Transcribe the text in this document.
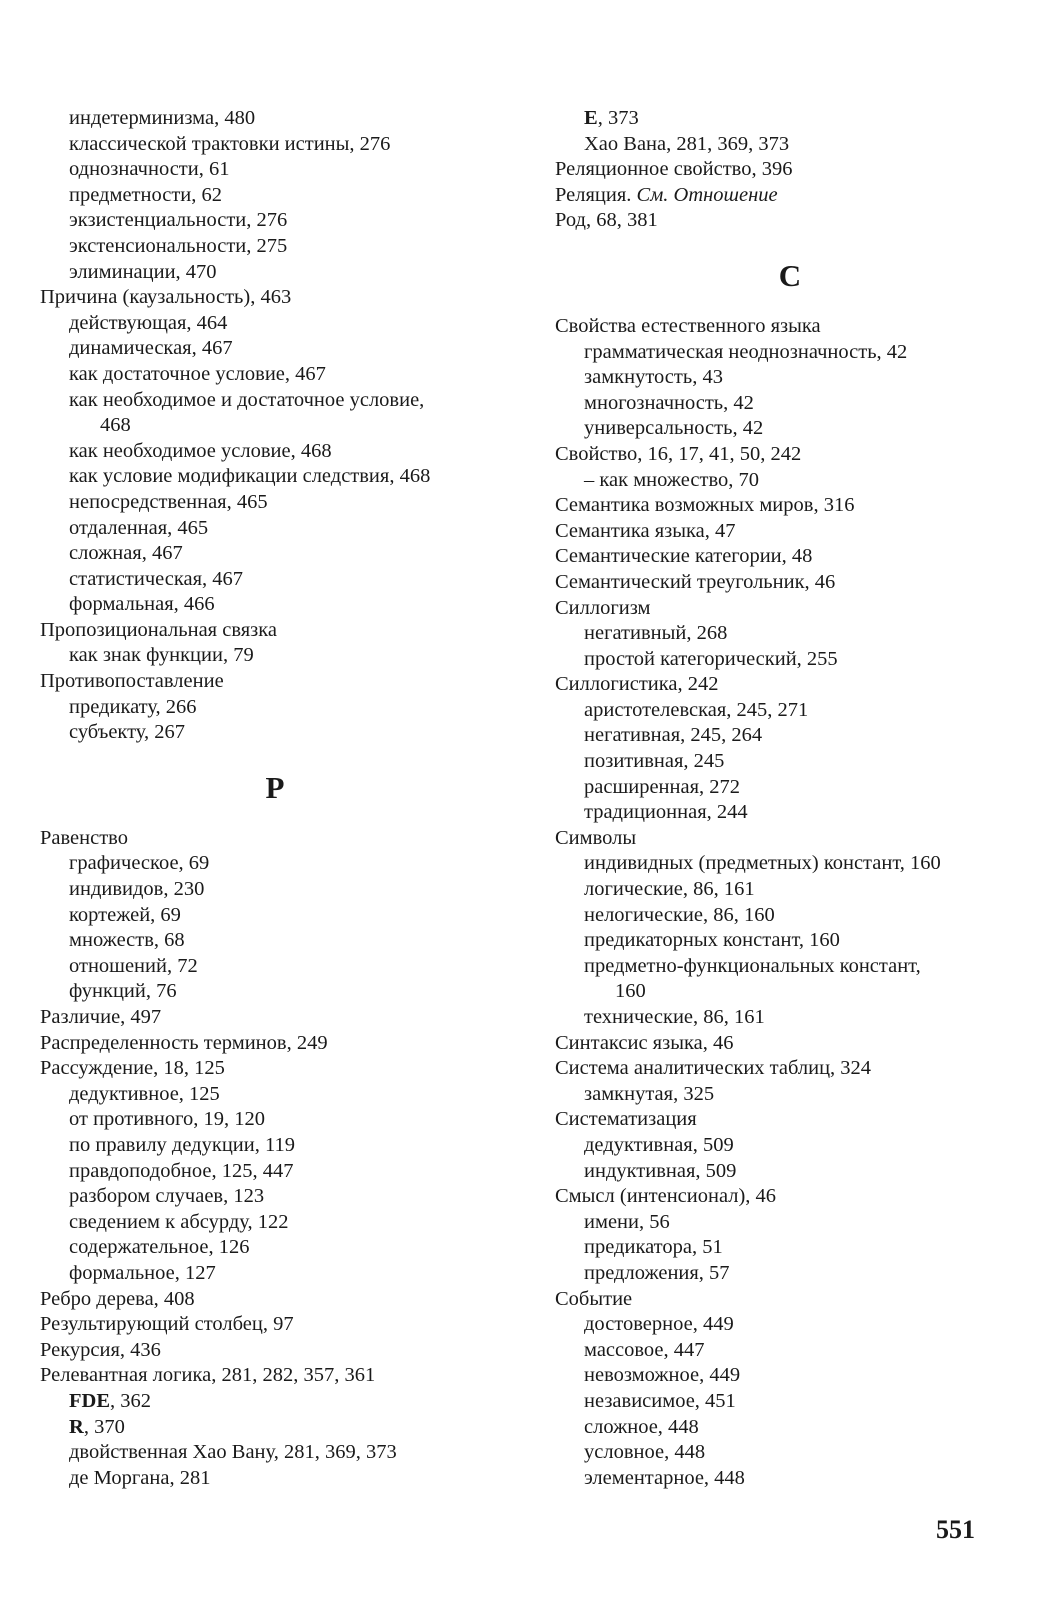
индетерминизма, 480
классической трактовки истины, 276
однозначности, 61
предметности, 62
экзистенциальности, 276
экстенсиональности, 275
элиминации, 470
Причина (каузальность), 463
действующая, 464
динамическая, 467
как достаточное условие, 467
как необходимое и достаточное условие,
468
как необходимое условие, 468
как условие модификации следствия, 468
непосредственная, 465
отдаленная, 465
сложная, 467
статистическая, 467
формальная, 466
Пропозициональная связка
как знак функции, 79
Противопоставление
предикату, 266
субъекту, 267
Р
Равенство
графическое, 69
индивидов, 230
кортежей, 69
множеств, 68
отношений, 72
функций, 76
Различие, 497
Распределенность терминов, 249
Рассуждение, 18, 125
дедуктивное, 125
от противного, 19, 120
по правилу дедукции, 119
правдоподобное, 125, 447
разбором случаев, 123
сведением к абсурду, 122
содержательное, 126
формальное, 127
Ребро дерева, 408
Результирующий столбец, 97
Рекурсия, 436
Релевантная логика, 281, 282, 357, 361
FDE, 362
R, 370
двойственная Хао Вану, 281, 369, 373
де Моргана, 281
E, 373
Хао Вана, 281, 369, 373
Реляционное свойство, 396
Реляция. См. Отношение
Род, 68, 381
С
Свойства естественного языка
грамматическая неоднозначность, 42
замкнутость, 43
многозначность, 42
универсальность, 42
Свойство, 16, 17, 41, 50, 242
– как множество, 70
Семантика возможных миров, 316
Семантика языка, 47
Семантические категории, 48
Семантический треугольник, 46
Силлогизм
негативный, 268
простой категорический, 255
Силлогистика, 242
аристотелевская, 245, 271
негативная, 245, 264
позитивная, 245
расширенная, 272
традиционная, 244
Символы
индивидных (предметных) констант, 160
логические, 86, 161
нелогические, 86, 160
предикаторных констант, 160
предметно-функциональных констант,
160
технические, 86, 161
Синтаксис языка, 46
Система аналитических таблиц, 324
замкнутая, 325
Систематизация
дедуктивная, 509
индуктивная, 509
Смысл (интенсионал), 46
имени, 56
предикатора, 51
предложения, 57
Событие
достоверное, 449
массовое, 447
невозможное, 449
независимое, 451
сложное, 448
условное, 448
элементарное, 448
551
